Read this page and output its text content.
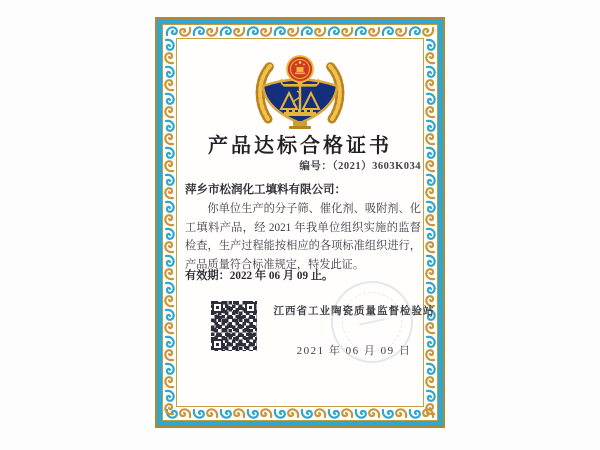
产品达标合格证书
编号：（2021）3603K034
萍乡市松润化工填料有限公司：

你单位生产的分子筛、催化剂、吸附剂、化工填料产品，经 2021 年我单位组织实施的监督检查，生产过程能按相应的各项标准组织进行，产品质量符合标准规定，特发此证。

有效期：2022 年 06 月 09 止。

江西省工业陶瓷质量监督检验站
2021 年 06 月 09 日
